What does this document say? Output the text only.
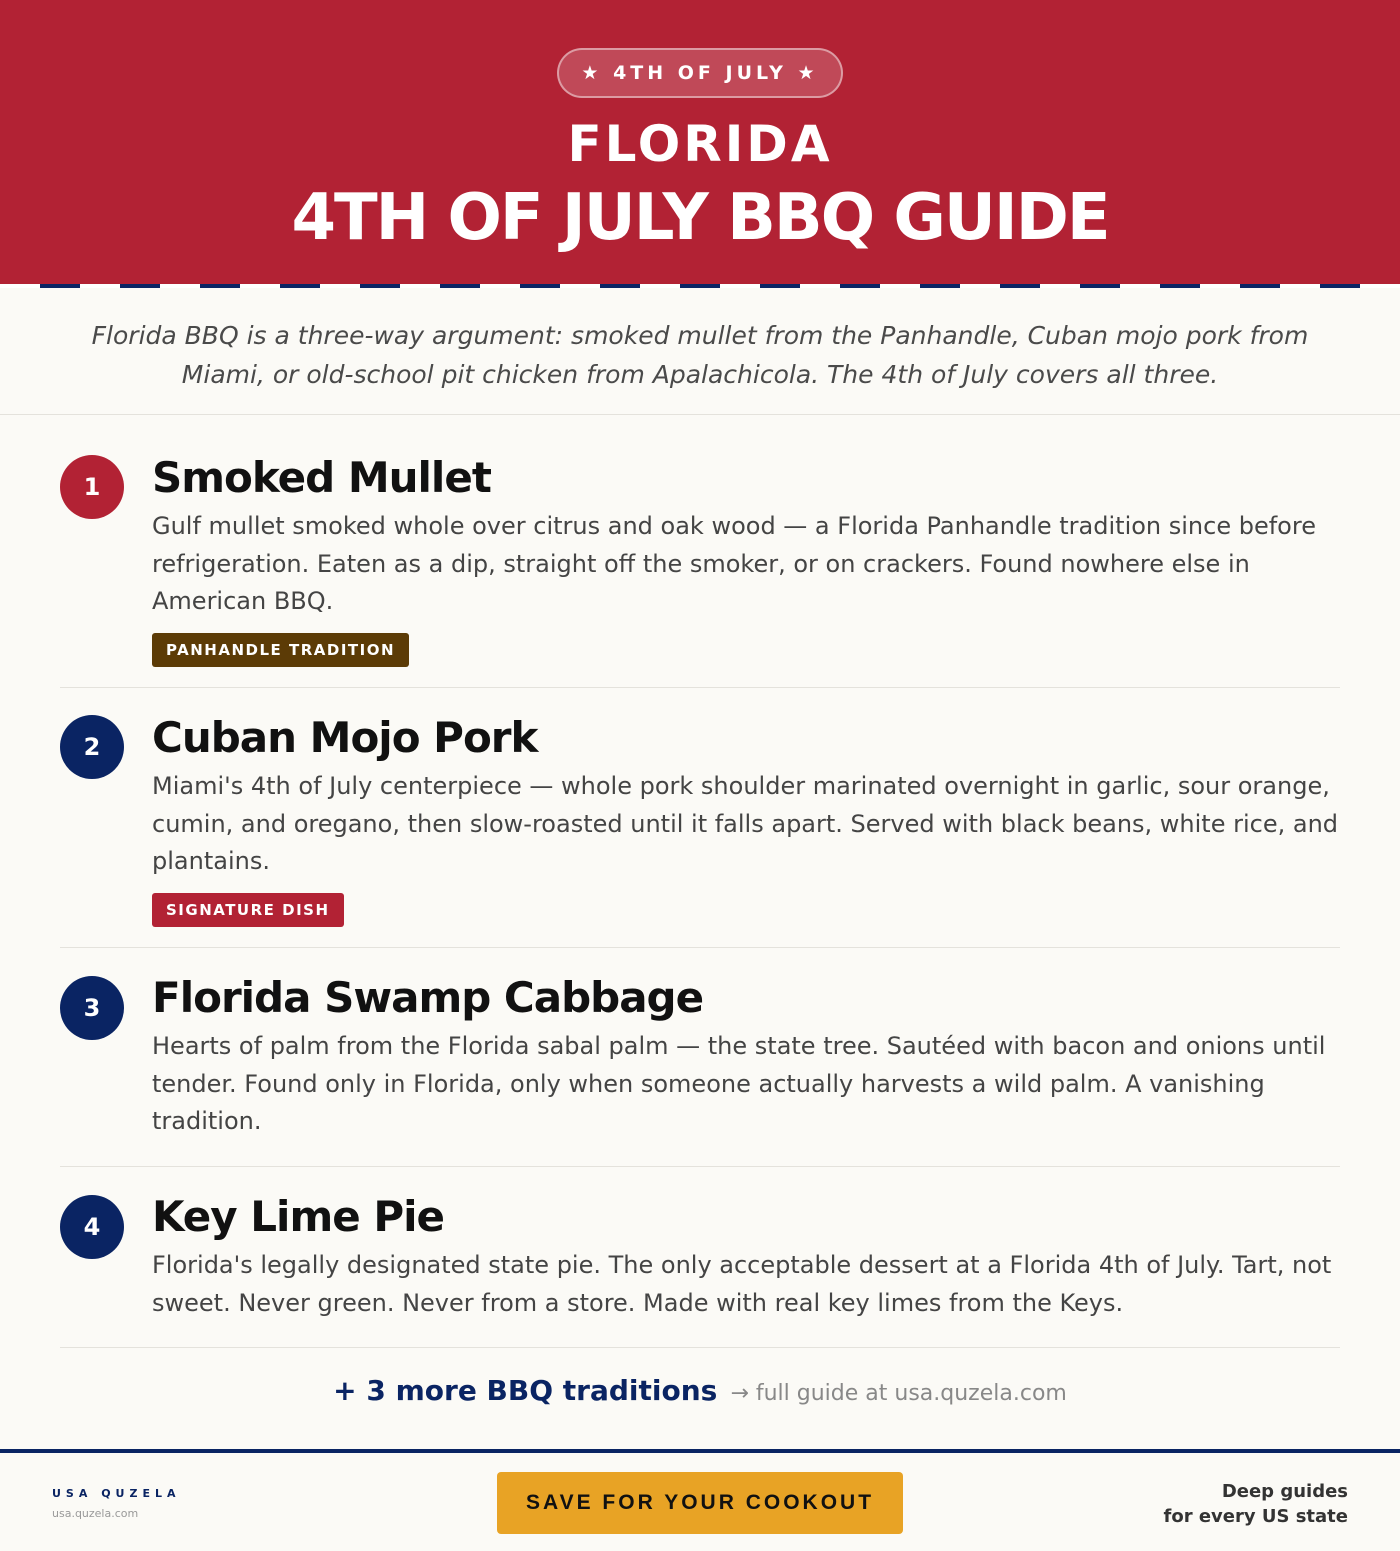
★ 4TH OF JULY ★
FLORIDA
4TH OF JULY BBQ GUIDE

Florida BBQ is a three-way argument: smoked mullet from the Panhandle, Cuban mojo pork from Miami, or old-school pit chicken from Apalachicola. The 4th of July covers all three.

1	Smoked Mullet
Gulf mullet smoked whole over citrus and oak wood — a Florida Panhandle tradition since before refrigeration. Eaten as a dip, straight off the smoker, or on crackers. Found nowhere else in American BBQ.
PANHANDLE TRADITION
2	Cuban Mojo Pork
Miami's 4th of July centerpiece — whole pork shoulder marinated overnight in garlic, sour orange, cumin, and oregano, then slow-roasted until it falls apart. Served with black beans, white rice, and plantains.
SIGNATURE DISH
3	Florida Swamp Cabbage
Hearts of palm from the Florida sabal palm — the state tree. Sautéed with bacon and onions until tender. Found only in Florida, only when someone actually harvests a wild palm. A vanishing tradition.
4	Key Lime Pie
Florida's legally designated state pie. The only acceptable dessert at a Florida 4th of July. Tart, not sweet. Never green. Never from a store. Made with real key limes from the Keys.
+ 3 more BBQ traditions → full guide at usa.quzela.com
USA QUZELA
usa.quzela.com	SAVE FOR YOUR COOKOUT	Deep guides
for every US state
